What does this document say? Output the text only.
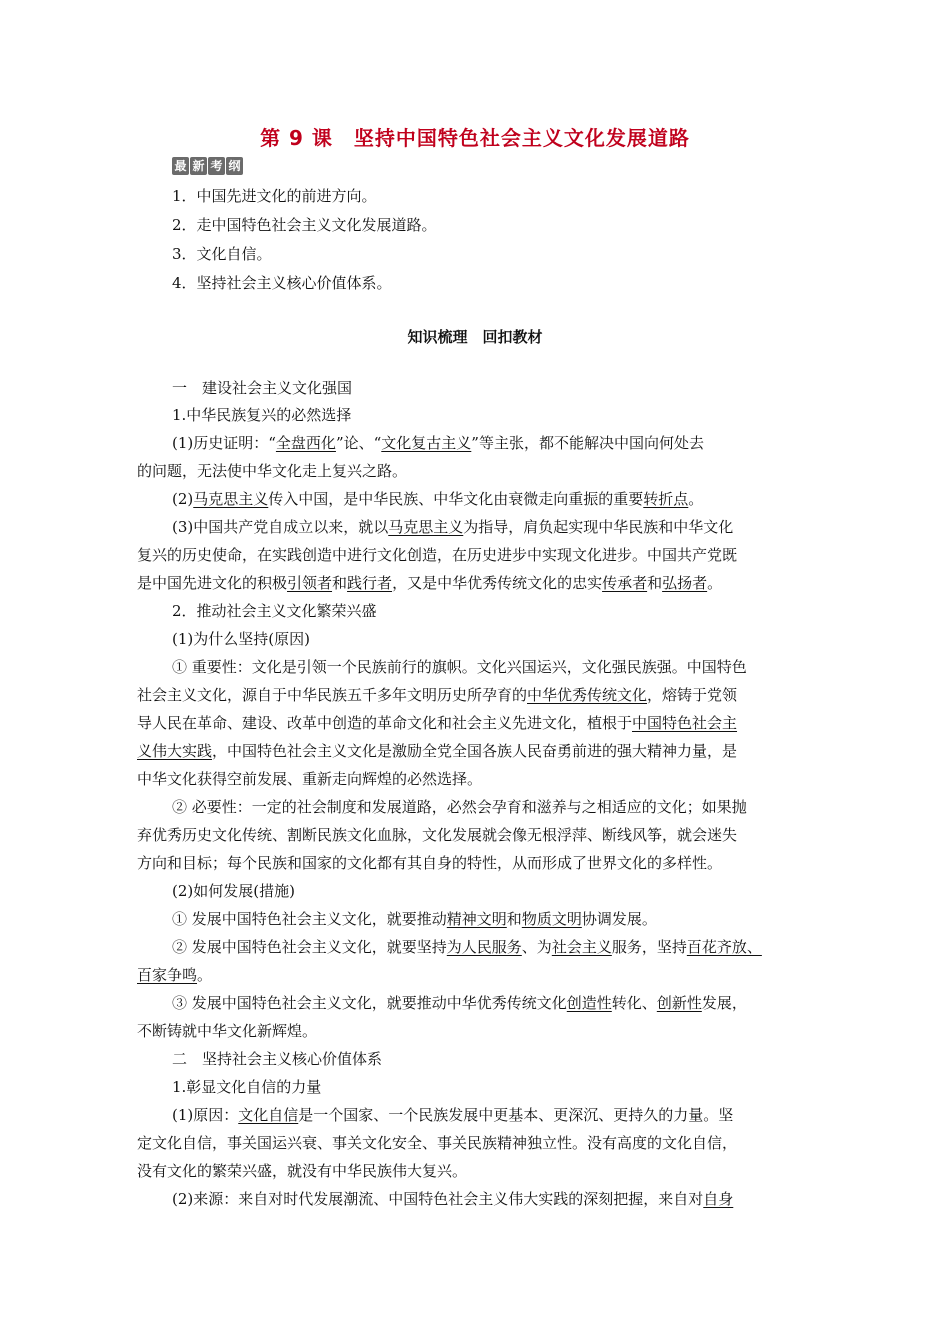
第 9 课　坚持中国特色社会主义文化发展道路
最 新 考 纲
1．中国先进文化的前进方向。
2．走中国特色社会主义文化发展道路。
3．文化自信。
4．坚持社会主义核心价值体系。
知识梳理　回扣教材
一　建设社会主义文化强国
1.中华民族复兴的必然选择
(1)历史证明：“全盘西化”论、“文化复古主义”等主张，都不能解决中国向何处去
的问题，无法使中华文化走上复兴之路。
(2)马克思主义传入中国，是中华民族、中华文化由衰微走向重振的重要转折点。
(3)中国共产党自成立以来，就以马克思主义为指导，肩负起实现中华民族和中华文化
复兴的历史使命，在实践创造中进行文化创造，在历史进步中实现文化进步。中国共产党既
是中国先进文化的积极引领者和践行者，又是中华优秀传统文化的忠实传承者和弘扬者。
2．推动社会主义文化繁荣兴盛
(1)为什么坚持(原因)
① 重要性：文化是引领一个民族前行的旗帜。文化兴国运兴，文化强民族强。中国特色
社会主义文化，源自于中华民族五千多年文明历史所孕育的中华优秀传统文化，熔铸于党领
导人民在革命、建设、改革中创造的革命文化和社会主义先进文化，植根于中国特色社会主
义伟大实践，中国特色社会主义文化是激励全党全国各族人民奋勇前进的强大精神力量，是
中华文化获得空前发展、重新走向辉煌的必然选择。
② 必要性：一定的社会制度和发展道路，必然会孕育和滋养与之相适应的文化；如果抛
弃优秀历史文化传统、割断民族文化血脉，文化发展就会像无根浮萍、断线风筝，就会迷失
方向和目标；每个民族和国家的文化都有其自身的特性，从而形成了世界文化的多样性。
(2)如何发展(措施)
① 发展中国特色社会主义文化，就要推动精神文明和物质文明协调发展。
② 发展中国特色社会主义文化，就要坚持为人民服务、为社会主义服务，坚持百花齐放、
百家争鸣。
③ 发展中国特色社会主义文化，就要推动中华优秀传统文化创造性转化、创新性发展，
不断铸就中华文化新辉煌。
二　坚持社会主义核心价值体系
1.彰显文化自信的力量
(1)原因：文化自信是一个国家、一个民族发展中更基本、更深沉、更持久的力量。坚
定文化自信，事关国运兴衰、事关文化安全、事关民族精神独立性。没有高度的文化自信，
没有文化的繁荣兴盛，就没有中华民族伟大复兴。
(2)来源：来自对时代发展潮流、中国特色社会主义伟大实践的深刻把握，来自对自身
